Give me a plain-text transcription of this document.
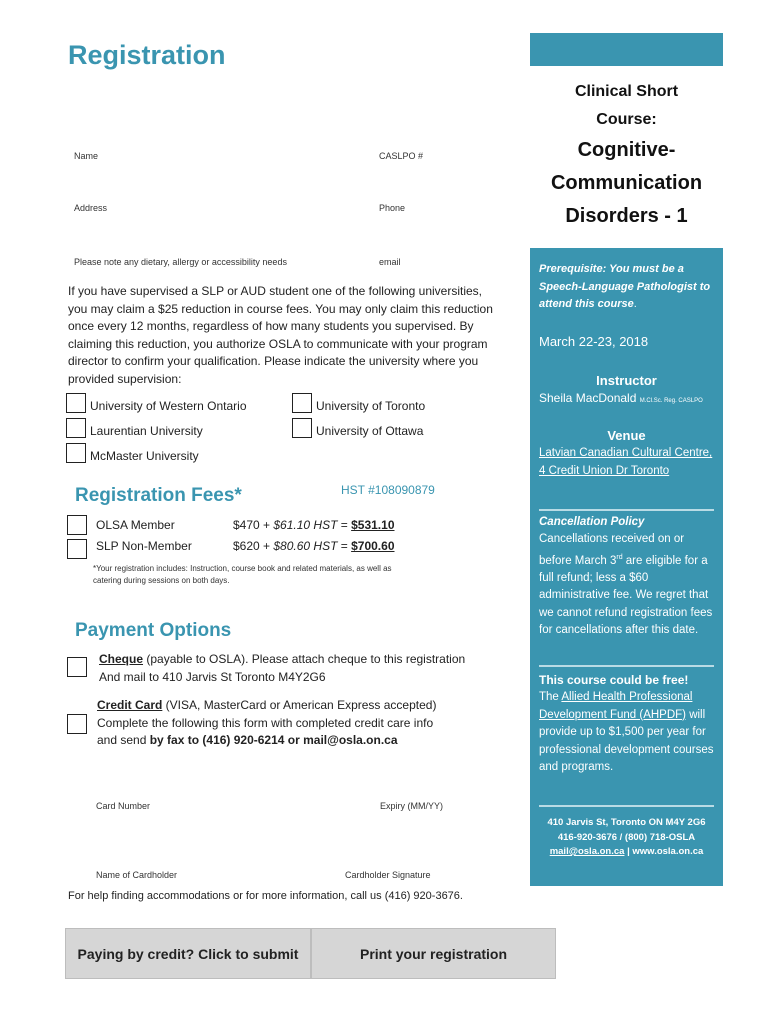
Registration
Name	CASLPO #
Address	Phone
Please note any dietary, allergy or accessibility needs	email
If you have supervised a SLP or AUD student one of the following universities, you may claim a $25 reduction in course fees. You may only claim this reduction once every 12 months, regardless of how many students you supervised. By claiming this reduction, you authorize OSLA to communicate with your program director to confirm your qualification. Please indicate the university where you provided supervision:
University of Western Ontario	University of Toronto
Laurentian University	University of Ottawa
McMaster University
Registration Fees*	HST #108090879
OLSA Member	$470 + $61.10 HST = $531.10
SLP Non-Member	$620 + $80.60 HST = $700.60
*Your registration includes: Instruction, course book and related materials, as well as catering during sessions on both days.
Payment Options
Cheque (payable to OSLA). Please attach cheque to this registration
And mail to 410 Jarvis St Toronto M4Y2G6
Credit Card (VISA, MasterCard or American Express accepted)
Complete the following this form with completed credit care info
and send by fax to (416) 920-6214 or mail@osla.on.ca
Card Number	Expiry (MM/YY)
Name of Cardholder	Cardholder Signature
For help finding accommodations or for more information, call us (416) 920-3676.
Paying by credit? Click to submit	Print your registration
Clinical Short
Course:
Cognitive-
Communication
Disorders - 1
Prerequisite: You must be a Speech-Language Pathologist to attend this course.
March 22-23, 2018
Instructor
Sheila MacDonald M.Cl.Sc. Reg. CASLPO
Venue
Latvian Canadian Cultural Centre, 4 Credit Union Dr Toronto
Cancellation Policy
Cancellations received on or before March 3rd are eligible for a full refund; less a $60 administrative fee. We regret that we cannot refund registration fees for cancellations after this date.
This course could be free!
The Allied Health Professional Development Fund (AHPDF) will provide up to $1,500 per year for professional development courses and programs.
410 Jarvis St, Toronto ON M4Y 2G6
416-920-3676 / (800) 718-OSLA
mail@osla.on.ca | www.osla.on.ca
